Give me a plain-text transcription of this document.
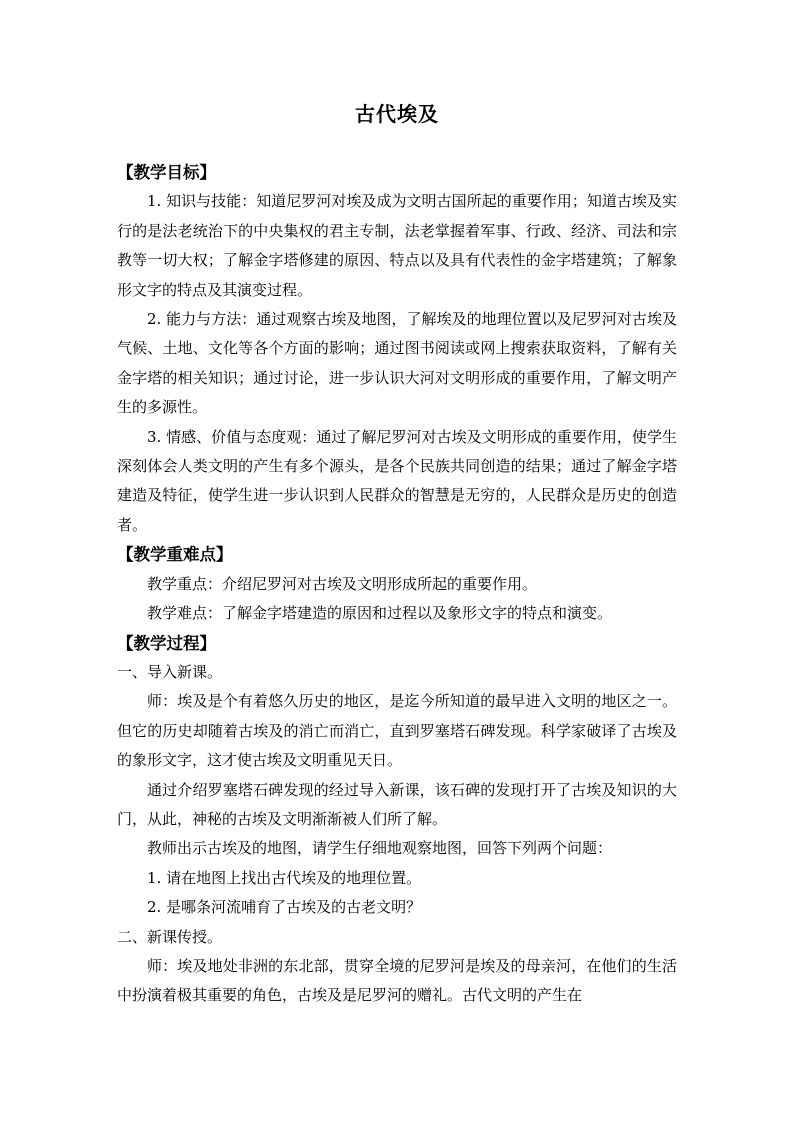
古代埃及

【教学目标】

1. 知识与技能：知道尼罗河对埃及成为文明古国所起的重要作用；知道古埃及实行的是法老统治下的中央集权的君主专制，法老掌握着军事、行政、经济、司法和宗教等一切大权；了解金字塔修建的原因、特点以及具有代表性的金字塔建筑；了解象形文字的特点及其演变过程。

2. 能力与方法：通过观察古埃及地图，了解埃及的地理位置以及尼罗河对古埃及气候、土地、文化等各个方面的影响；通过图书阅读或网上搜索获取资料，了解有关金字塔的相关知识；通过讨论，进一步认识大河对文明形成的重要作用，了解文明产生的多源性。

3. 情感、价值与态度观：通过了解尼罗河对古埃及文明形成的重要作用，使学生深刻体会人类文明的产生有多个源头，是各个民族共同创造的结果；通过了解金字塔建造及特征，使学生进一步认识到人民群众的智慧是无穷的，人民群众是历史的创造者。

【教学重难点】

教学重点：介绍尼罗河对古埃及文明形成所起的重要作用。

教学难点：了解金字塔建造的原因和过程以及象形文字的特点和演变。

【教学过程】

一、导入新课。

师：埃及是个有着悠久历史的地区，是迄今所知道的最早进入文明的地区之一。但它的历史却随着古埃及的消亡而消亡，直到罗塞塔石碑发现。科学家破译了古埃及的象形文字，这才使古埃及文明重见天日。

通过介绍罗塞塔石碑发现的经过导入新课，该石碑的发现打开了古埃及知识的大门，从此，神秘的古埃及文明渐渐被人们所了解。

教师出示古埃及的地图，请学生仔细地观察地图，回答下列两个问题：

1. 请在地图上找出古代埃及的地理位置。

2. 是哪条河流哺育了古埃及的古老文明？

二、新课传授。

师：埃及地处非洲的东北部，贯穿全境的尼罗河是埃及的母亲河，在他们的生活中扮演着极其重要的角色，古埃及是尼罗河的赠礼。古代文明的产生在
